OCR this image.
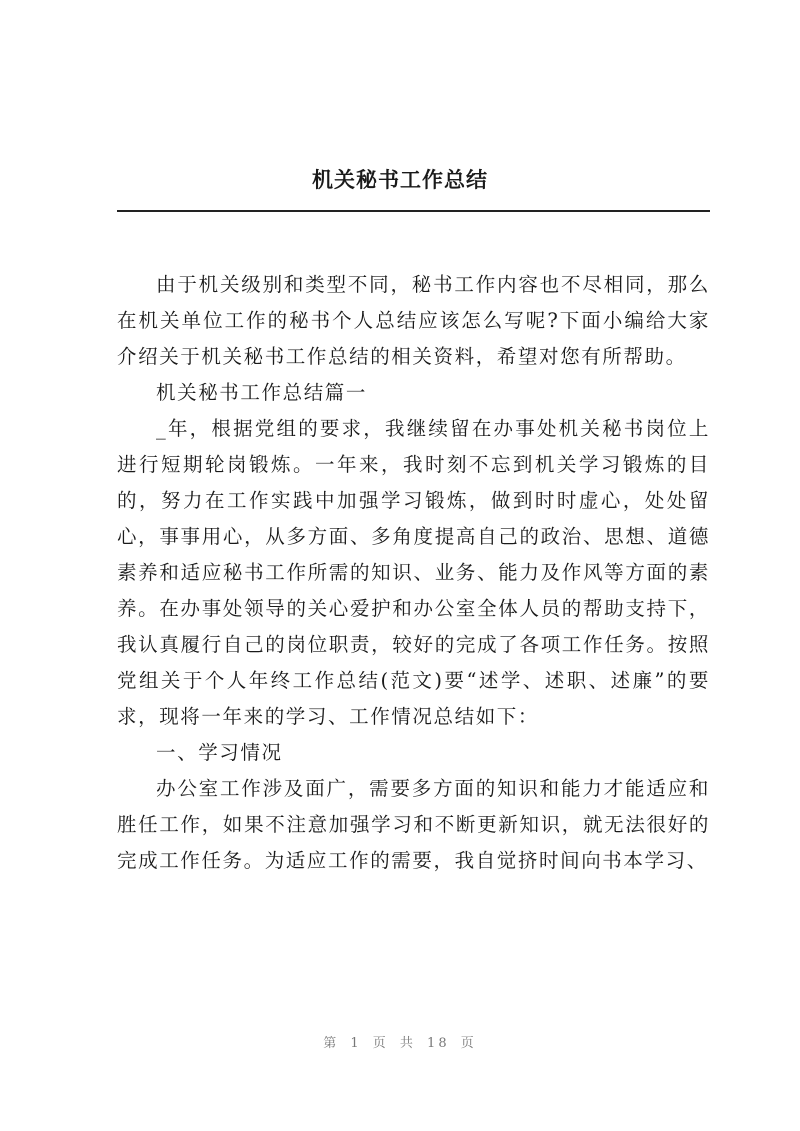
机关秘书工作总结

由于机关级别和类型不同，秘书工作内容也不尽相同，那么在机关单位工作的秘书个人总结应该怎么写呢?下面小编给大家介绍关于机关秘书工作总结的相关资料，希望对您有所帮助。

机关秘书工作总结篇一

_年，根据党组的要求，我继续留在办事处机关秘书岗位上进行短期轮岗锻炼。一年来，我时刻不忘到机关学习锻炼的目的，努力在工作实践中加强学习锻炼，做到时时虚心，处处留心，事事用心，从多方面、多角度提高自己的政治、思想、道德素养和适应秘书工作所需的知识、业务、能力及作风等方面的素养。在办事处领导的关心爱护和办公室全体人员的帮助支持下，我认真履行自己的岗位职责，较好的完成了各项工作任务。按照党组关于个人年终工作总结(范文)要“述学、述职、述廉”的要求，现将一年来的学习、工作情况总结如下：

一、学习情况

办公室工作涉及面广，需要多方面的知识和能力才能适应和胜任工作，如果不注意加强学习和不断更新知识，就无法很好的完成工作任务。为适应工作的需要，我自觉挤时间向书本学习、

第 1 页 共 18 页
